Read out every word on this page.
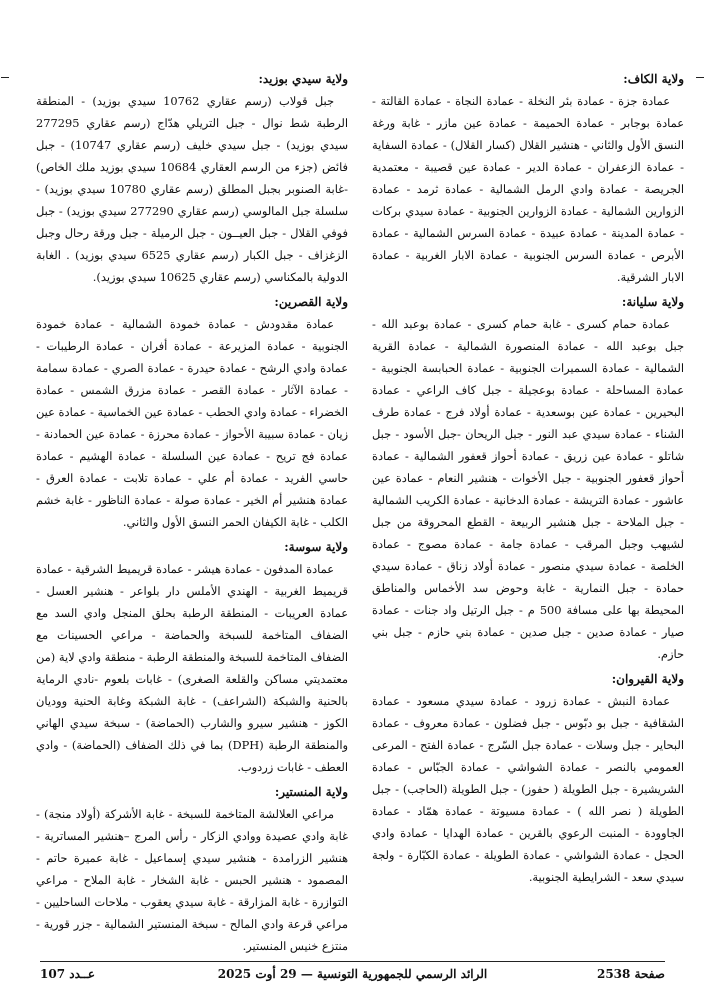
ولاية الكاف:
عمادة جزة - عمادة بئر النخلة - عمادة النجاة - عمادة القالتة - عمادة بوجابر - عمادة الحميمة - عمادة عين مازر - غابة ورغة النسق الأول والثاني - هنشير القلال (كسار القلال) - عمادة السفاية - عمادة الزعفران - عمادة الدير - عمادة عين قصيبة - معتمدية الجريصة - عمادة وادي الرمل الشمالية - عمادة ثرمد - عمادة الزوارين الشمالية - عمادة الزوارين الجنوبية - عمادة سيدي بركات - عمادة المدينة - عمادة عبيدة - عمادة السرس الشمالية - عمادة الأبرص - عمادة السرس الجنوبية - عمادة الابار الغربية - عمادة الابار الشرقية.
ولاية سليانة:
عمادة حمام كسرى - غابة حمام كسرى - عمادة بوعبد الله - جبل بوعبد الله - عمادة المنصورة الشمالية - عمادة القرية الشمالية - عمادة السميرات الجنوبية - عمادة الحبابسة الجنوبية - عمادة المساحلة - عمادة بوعجيلة - جبل كاف الراعي - عمادة البحيرين - عمادة عين بوسعدية - عمادة أولاد فرج - عمادة طرف الشناء - عمادة سيدي عبد النور - جبل الريحان -جبل الأسود - جبل شاتلو - عمادة عين زريق - عمادة أحواز قعفور الشمالية - عمادة أحواز قعفور الجنوبية - جبل الأخوات - هنشير النعام - عمادة عين عاشور - عمادة التريشة - عمادة الدخانية - عمادة الكريب الشمالية - جبل الملاحة - جبل هنشير الربيعة - القطع المحروقة من جبل لشيهب وجبل المرقب - عمادة جامة - عمادة مصوج - عمادة الخلصة - عمادة سيدي منصور - عمادة أولاد زناق - عمادة سيدي حمادة - جبل النمارية - غابة وحوض سد الأخماس والمناطق المحيطة بها على مسافة 500 م - جبل الرتيل واد جنات - عمادة صيار - عمادة صدين - جبل صدين - عمادة بني حازم - جبل بني حازم.
ولاية القيروان:
عمادة النبش - عمادة زرود - عمادة سيدي مسعود - عمادة الشقافية - جبل بو دبّوس - جبل فضلون - عمادة معروف - عمادة البحاير - جبل وسلات - عمادة جبل السّرج - عمادة الفتح - المرعى العمومي بالنصر - عمادة الشواشي - عمادة الجبّاس - عمادة الشريشيرة - جبل الطويلة ( حفوز) - جبل الطويلة (الحاجب) - جبل الطويلة ( نصر الله ) - عمادة مسيوتة - عمادة همّاد - عمادة الجاوودة - المنبت الرعوي بالقرين - عمادة الهدايا - عمادة وادي الحجل - عمادة الشواشي - عمادة الطويلة - عمادة الكبّارة - ولجة سيدي سعد - الشرايطية الجنوبية.
ولاية سيدي بوزيد:
جبل قولاب (رسم عقاري 10762 سيدي بوزيد) - المنطقة الرطبة شط نوال - جبل التريلي هدّاج (رسم عقاري 277295 سيدي بوزيد) - جبل سيدي خليف (رسم عقاري 10747) - جبل فائض (جزء من الرسم العقاري 10684 سيدي بوزيد ملك الخاص) -غابة الصنوبر بجبل المطلق (رسم عقاري 10780 سيدي بوزيد) - سلسلة جبل المالوسي (رسم عقاري 277290 سيدي بوزيد) - جبل فوفي القلال - جبل العيــون - جبل الرميلة - جبل ورقة رحال وجبل الزغزاف - جبل الكبار (رسم عقاري 6525 سيدي بوزيد) . الغابة الدولية بالمكناسي (رسم عقاري 10625 سيدي بوزيد).
ولاية القصرين:
عمادة مقدودش - عمادة خمودة الشمالية - عمادة خمودة الجنوبية - عمادة المزيرعة - عمادة أفران - عمادة الرطيبات - عمادة وادي الرشح - عمادة حيدرة - عمادة الصري - عمادة سمامة - عمادة الآثار - عمادة القصر - عمادة مزرق الشمس - عمادة الخضراء - عمادة وادي الحطب - عمادة عين الخماسية - عمادة عين زيان - عمادة سبيبة الأحواز - عمادة محرزة - عمادة عين الحمادنة - عمادة فج تريح - عمادة عين السلسلة - عمادة الهشيم - عمادة حاسي الفريد - عمادة أم علي - عمادة تلابت - عمادة العرق - عمادة هنشير أم الخير - عمادة صولة - عمادة الناظور - غابة خشم الكلب - غابة الكيفان الحمر النسق الأول والثاني.
ولاية سوسة:
عمادة المدفون - عمادة هيشر - عمادة قريميط الشرقية - عمادة قريميط الغربية - الهندي الأملس دار بلواعر - هنشير العسل - عمادة العريبات - المنطقة الرطبة بحلق المنجل وادي السد مع الضفاف المتاخمة للسبخة والحماضة - مراعي الحسينات مع الضفاف المتاخمة للسبخة والمنطقة الرطبة - منطقة وادي لاية (من معتمديتي مساكن والقلعة الصغرى) - غابات بلعوم -نادي الرماية بالحنية والشبكة (الشراعف) - غابة الشبكة وغابة الحنية ووديان الكوز - هنشير سيرو والشارب (الحماضة) - سبخة سيدي الهاني والمنطقة الرطبة (DPH) بما في ذلك الضفاف (الحماضة) - وادي العطف - غابات زردوب.
ولاية المنستير:
مراعي العلالشة المتاخمة للسبخة - غابة الأشركة (أولاد منجة) - غابة وادي عصيدة ووادي الزكار - رأس المرج –هنشير المساترية - هنشير الزرامدة - هنشير سيدي إسماعيل - غابة عميرة حاتم - المصمود - هنشير الحبس - غابة الشخار - غابة الملاح - مراعي التوازرة - غابة المزارقة - غابة سيدي يعقوب - ملاحات الساحليين - مراعي قرعة وادي المالح - سبخة المنستير الشمالية - جزر قورية - منتزع خنيس المنستير.
صفحة 2538
الرائد الرسمي للجمهورية التونسية — 29 أوت 2025
عــدد 107
